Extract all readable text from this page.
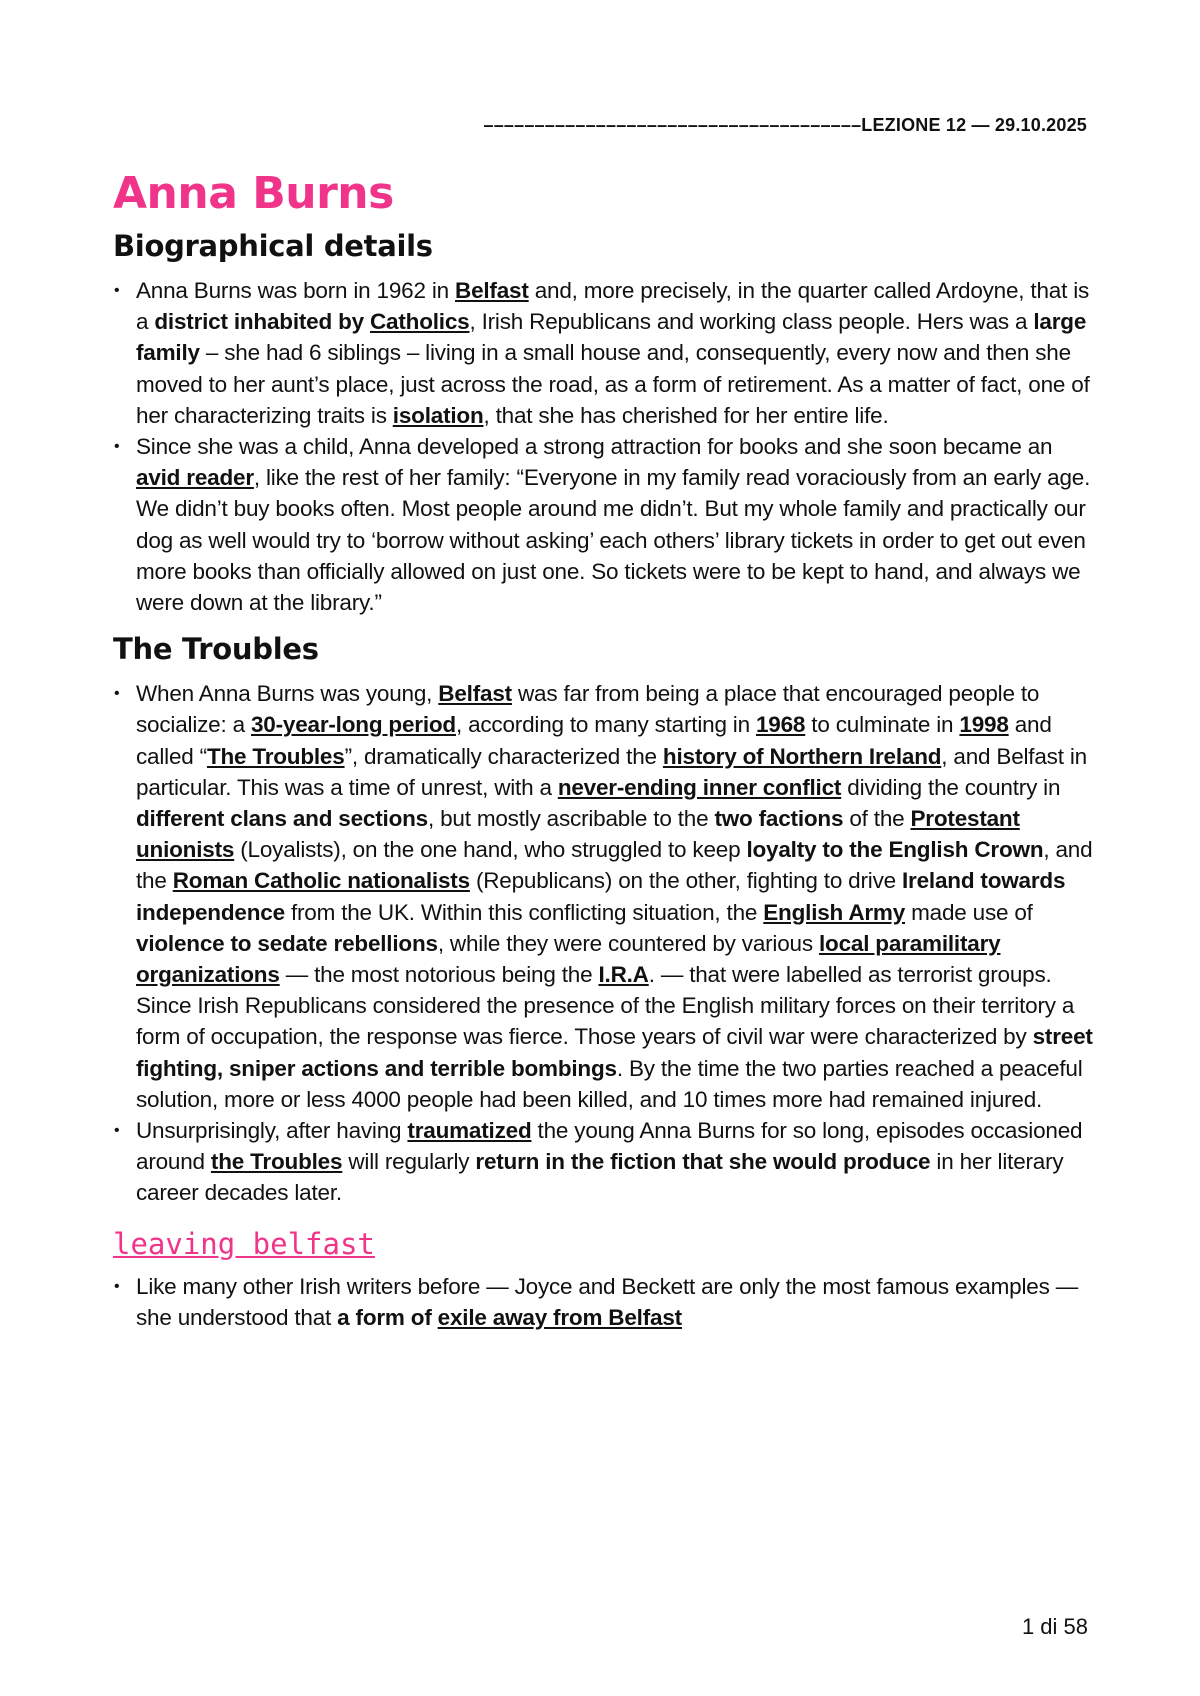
–––––––––––––––––––––––––––––––––––––LEZIONE 12 — 29.10.2025
Anna Burns
Biographical details
• Anna Burns was born in 1962 in Belfast and, more precisely, in the quarter called Ardoyne, that is a district inhabited by Catholics, Irish Republicans and working class people. Hers was a large family – she had 6 siblings – living in a small house and, consequently, every now and then she moved to her aunt’s place, just across the road, as a form of retirement. As a matter of fact, one of her characterizing traits is isolation, that she has cherished for her entire life.
• Since she was a child, Anna developed a strong attraction for books and she soon became an avid reader, like the rest of her family: “Everyone in my family read voraciously from an early age. We didn’t buy books often. Most people around me didn’t. But my whole family and practically our dog as well would try to ‘borrow without asking’ each others’ library tickets in order to get out even more books than officially allowed on just one. So tickets were to be kept to hand, and always we were down at the library.”
The Troubles
• When Anna Burns was young, Belfast was far from being a place that encouraged people to socialize: a 30-year-long period, according to many starting in 1968 to culminate in 1998 and called “The Troubles”, dramatically characterized the history of Northern Ireland, and Belfast in particular. This was a time of unrest, with a never-ending inner conflict dividing the country in different clans and sections, but mostly ascribable to the two factions of the Protestant unionists (Loyalists), on the one hand, who struggled to keep loyalty to the English Crown, and the Roman Catholic nationalists (Republicans) on the other, fighting to drive Ireland towards independence from the UK. Within this conflicting situation, the English Army made use of violence to sedate rebellions, while they were countered by various local paramilitary organizations — the most notorious being the I.R.A. — that were labelled as terrorist groups. Since Irish Republicans considered the presence of the English military forces on their territory a form of occupation, the response was fierce. Those years of civil war were characterized by street fighting, sniper actions and terrible bombings. By the time the two parties reached a peaceful solution, more or less 4000 people had been killed, and 10 times more had remained injured.
• Unsurprisingly, after having traumatized the young Anna Burns for so long, episodes occasioned around the Troubles will regularly return in the fiction that she would produce in her literary career decades later.
leaving belfast
• Like many other Irish writers before — Joyce and Beckett are only the most famous examples — she understood that a form of exile away from Belfast
1 di 58
